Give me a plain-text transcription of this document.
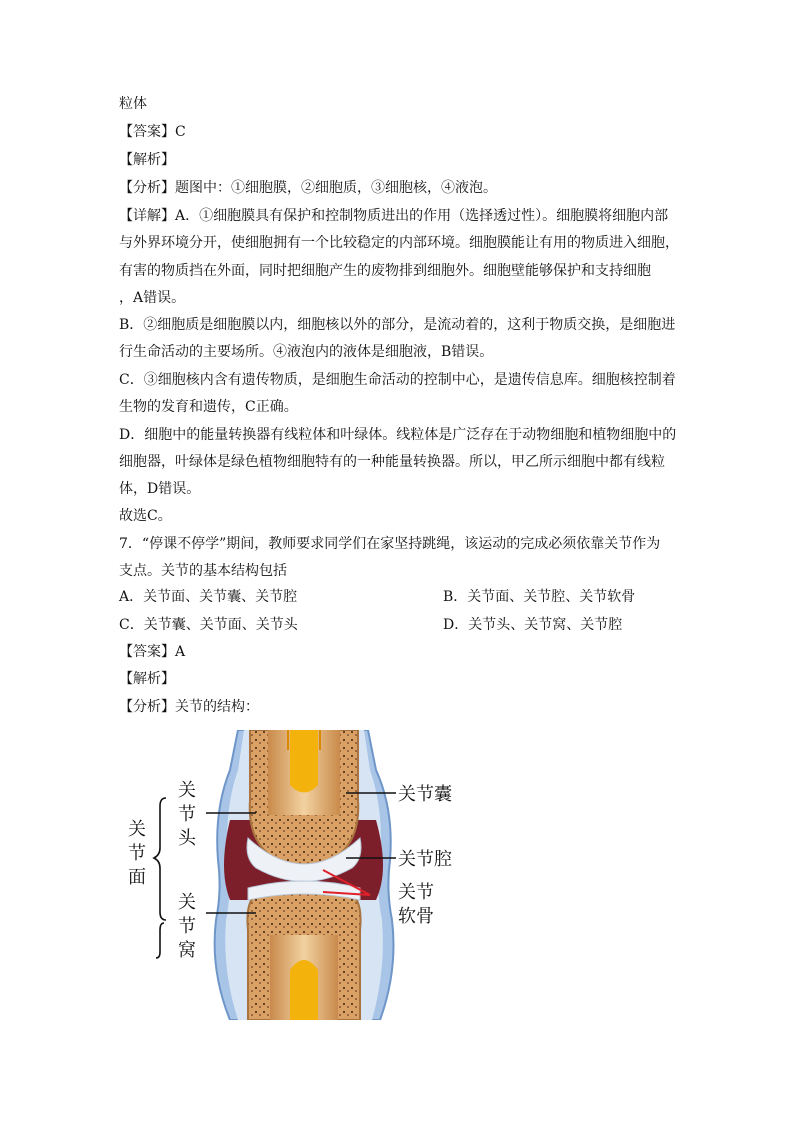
粒体
【答案】C
【解析】
【分析】题图中：①细胞膜，②细胞质，③细胞核，④液泡。
【详解】A．①细胞膜具有保护和控制物质进出的作用（选择透过性）。细胞膜将细胞内部
与外界环境分开，使细胞拥有一个比较稳定的内部环境。细胞膜能让有用的物质进入细胞，
有害的物质挡在外面，同时把细胞产生的废物排到细胞外。细胞壁能够保护和支持细胞
，A错误。
B．②细胞质是细胞膜以内，细胞核以外的部分，是流动着的，这利于物质交换，是细胞进
行生命活动的主要场所。④液泡内的液体是细胞液，B错误。
C．③细胞核内含有遗传物质，是细胞生命活动的控制中心，是遗传信息库。细胞核控制着
生物的发育和遗传，C正确。
D．细胞中的能量转换器有线粒体和叶绿体。线粒体是广泛存在于动物细胞和植物细胞中的
细胞器，叶绿体是绿色植物细胞特有的一种能量转换器。所以，甲乙所示细胞中都有线粒
体，D错误。
故选C。
7．“停课不停学”期间，教师要求同学们在家坚持跳绳，该运动的完成必须依靠关节作为
支点。关节的基本结构包括
A．关节面、关节囊、关节腔	B．关节面、关节腔、关节软骨
C．关节囊、关节面、关节头	D．关节头、关节窝、关节腔
【答案】A
【解析】
【分析】关节的结构：
关 节 面
关 节 头
关 节 窝
关节囊
关节腔
关节
软骨
